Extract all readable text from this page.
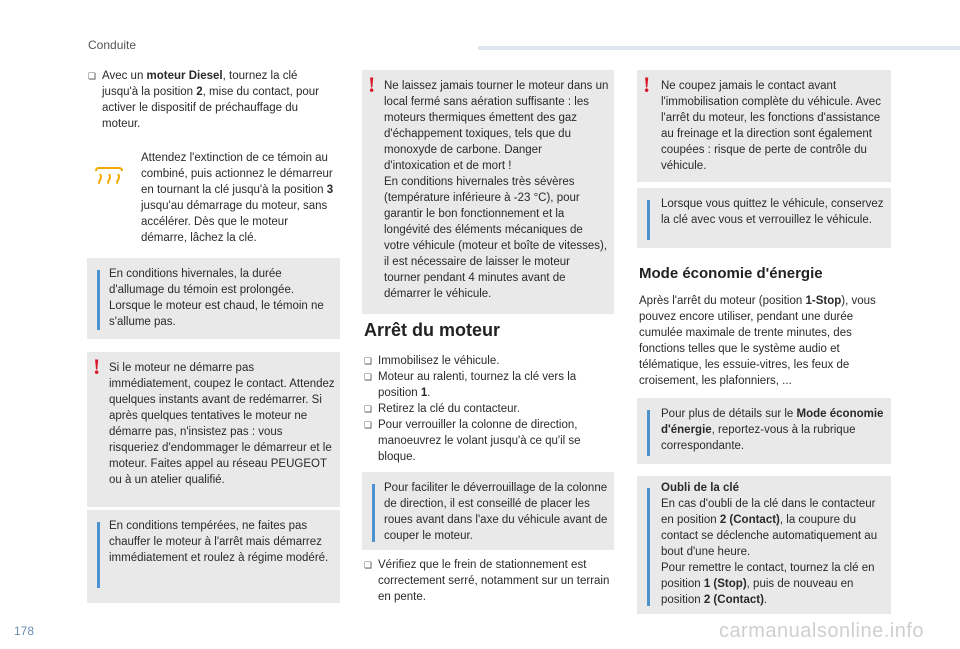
Conduite
❏ Avec un moteur Diesel, tournez la clé jusqu'à la position 2, mise du contact, pour activer le dispositif de préchauffage du moteur.
Attendez l'extinction de ce témoin au combiné, puis actionnez le démarreur en tournant la clé jusqu'à la position 3 jusqu'au démarrage du moteur, sans accélérer. Dès que le moteur démarre, lâchez la clé.
En conditions hivernales, la durée d'allumage du témoin est prolongée. Lorsque le moteur est chaud, le témoin ne s'allume pas.
! Si le moteur ne démarre pas immédiatement, coupez le contact. Attendez quelques instants avant de redémarrer. Si après quelques tentatives le moteur ne démarre pas, n'insistez pas : vous risqueriez d'endommager le démarreur et le moteur. Faites appel au réseau PEUGEOT ou à un atelier qualifié.
En conditions tempérées, ne faites pas chauffer le moteur à l'arrêt mais démarrez immédiatement et roulez à régime modéré.
! Ne laissez jamais tourner le moteur dans un local fermé sans aération suffisante : les moteurs thermiques émettent des gaz d'échappement toxiques, tels que du monoxyde de carbone. Danger d'intoxication et de mort !
En conditions hivernales très sévères (température inférieure à -23 °C), pour garantir le bon fonctionnement et la longévité des éléments mécaniques de votre véhicule (moteur et boîte de vitesses), il est nécessaire de laisser le moteur tourner pendant 4 minutes avant de démarrer le véhicule.
Arrêt du moteur
❏ Immobilisez le véhicule.
❏ Moteur au ralenti, tournez la clé vers la position 1.
❏ Retirez la clé du contacteur.
❏ Pour verrouiller la colonne de direction, manoeuvrez le volant jusqu'à ce qu'il se bloque.
Pour faciliter le déverrouillage de la colonne de direction, il est conseillé de placer les roues avant dans l'axe du véhicule avant de couper le moteur.
❏ Vérifiez que le frein de stationnement est correctement serré, notamment sur un terrain en pente.
! Ne coupez jamais le contact avant l'immobilisation complète du véhicule. Avec l'arrêt du moteur, les fonctions d'assistance au freinage et la direction sont également coupées : risque de perte de contrôle du véhicule.
Lorsque vous quittez le véhicule, conservez la clé avec vous et verrouillez le véhicule.
Mode économie d'énergie
Après l'arrêt du moteur (position 1-Stop), vous pouvez encore utiliser, pendant une durée cumulée maximale de trente minutes, des fonctions telles que le système audio et télématique, les essuie-vitres, les feux de croisement, les plafonniers, ...
Pour plus de détails sur le Mode économie d'énergie, reportez-vous à la rubrique correspondante.
Oubli de la clé
En cas d'oubli de la clé dans le contacteur en position 2 (Contact), la coupure du contact se déclenche automatiquement au bout d'une heure.
Pour remettre le contact, tournez la clé en position 1 (Stop), puis de nouveau en position 2 (Contact).
178	carmanualsonline.info
